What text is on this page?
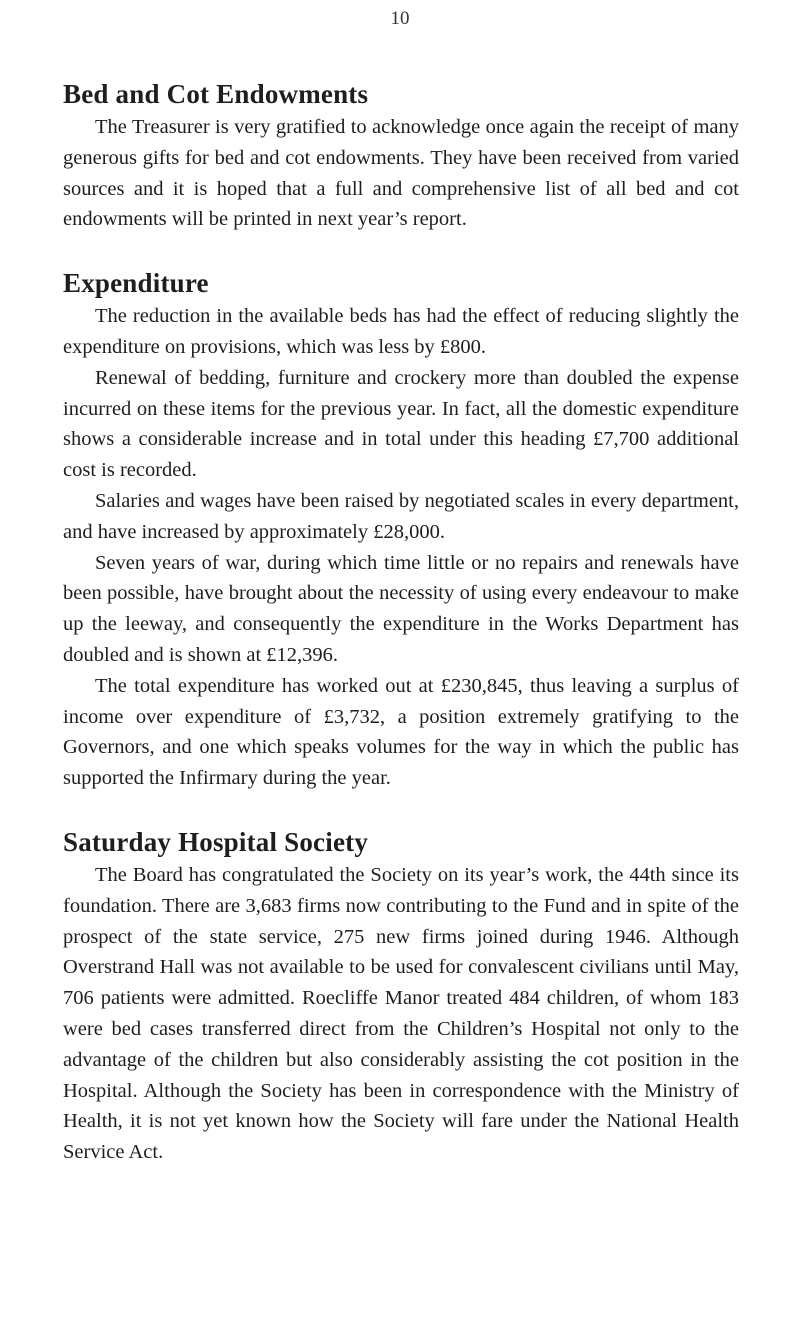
10
Bed and Cot Endowments

The Treasurer is very gratified to acknowledge once again the receipt of many generous gifts for bed and cot endowments. They have been received from varied sources and it is hoped that a full and comprehensive list of all bed and cot endowments will be printed in next year’s report.

Expenditure

The reduction in the available beds has had the effect of reducing slightly the expenditure on provisions, which was less by £800.

Renewal of bedding, furniture and crockery more than doubled the expense incurred on these items for the previous year. In fact, all the domestic expenditure shows a considerable increase and in total under this heading £7,700 additional cost is recorded.

Salaries and wages have been raised by negotiated scales in every department, and have increased by approximately £28,000.

Seven years of war, during which time little or no repairs and renewals have been possible, have brought about the necessity of using every endeavour to make up the leeway, and consequently the expenditure in the Works Department has doubled and is shown at £12,396.

The total expenditure has worked out at £230,845, thus leaving a surplus of income over expenditure of £3,732, a position extremely gratifying to the Governors, and one which speaks volumes for the way in which the public has supported the Infirmary during the year.

Saturday Hospital Society

The Board has congratulated the Society on its year’s work, the 44th since its foundation. There are 3,683 firms now contributing to the Fund and in spite of the prospect of the state service, 275 new firms joined during 1946. Although Overstrand Hall was not available to be used for convalescent civilians until May, 706 patients were admitted. Roecliffe Manor treated 484 children, of whom 183 were bed cases transferred direct from the Children’s Hospital not only to the advantage of the children but also considerably assisting the cot position in the Hospital. Although the Society has been in correspondence with the Ministry of Health, it is not yet known how the Society will fare under the National Health Service Act.
